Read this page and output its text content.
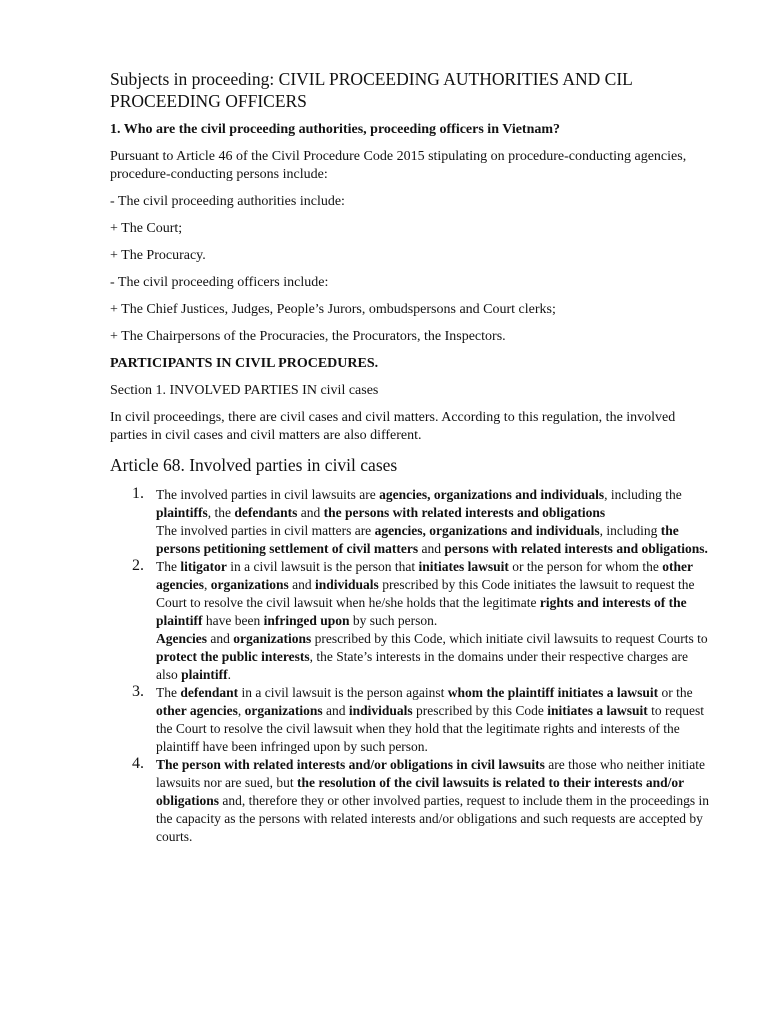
Subjects in proceeding: CIVIL PROCEEDING AUTHORITIES AND CIL PROCEEDING OFFICERS
1. Who are the civil proceeding authorities, proceeding officers in Vietnam?

Pursuant to Article 46 of the Civil Procedure Code 2015 stipulating on procedure-conducting agencies, procedure-conducting persons include:

- The civil proceeding authorities include:

+ The Court;

+ The Procuracy.

- The civil proceeding officers include:

+ The Chief Justices, Judges, People’s Jurors, ombudspersons and Court clerks;

+ The Chairpersons of the Procuracies, the Procurators, the Inspectors.

PARTICIPANTS IN CIVIL PROCEDURES.

Section 1. INVOLVED PARTIES IN civil cases

In civil proceedings, there are civil cases and civil matters. According to this regulation, the involved parties in civil cases and civil matters are also different.

Article 68. Involved parties in civil cases
1. The involved parties in civil lawsuits are agencies, organizations and individuals, including the plaintiffs, the defendants and the persons with related interests and obligations
The involved parties in civil matters are agencies, organizations and individuals, including the persons petitioning settlement of civil matters and persons with related interests and obligations.
2. The litigator in a civil lawsuit is the person that initiates lawsuit or the person for whom the other agencies, organizations and individuals prescribed by this Code initiates the lawsuit to request the Court to resolve the civil lawsuit when he/she holds that the legitimate rights and interests of the plaintiff have been infringed upon by such person.
Agencies and organizations prescribed by this Code, which initiate civil lawsuits to request Courts to protect the public interests, the State’s interests in the domains under their respective charges are also plaintiff.
3. The defendant in a civil lawsuit is the person against whom the plaintiff initiates a lawsuit or the other agencies, organizations and individuals prescribed by this Code initiates a lawsuit to request the Court to resolve the civil lawsuit when they hold that the legitimate rights and interests of the plaintiff have been infringed upon by such person.
4. The person with related interests and/or obligations in civil lawsuits are those who neither initiate lawsuits nor are sued, but the resolution of the civil lawsuits is related to their interests and/or obligations and, therefore they or other involved parties, request to include them in the proceedings in the capacity as the persons with related interests and/or obligations and such requests are accepted by courts.
